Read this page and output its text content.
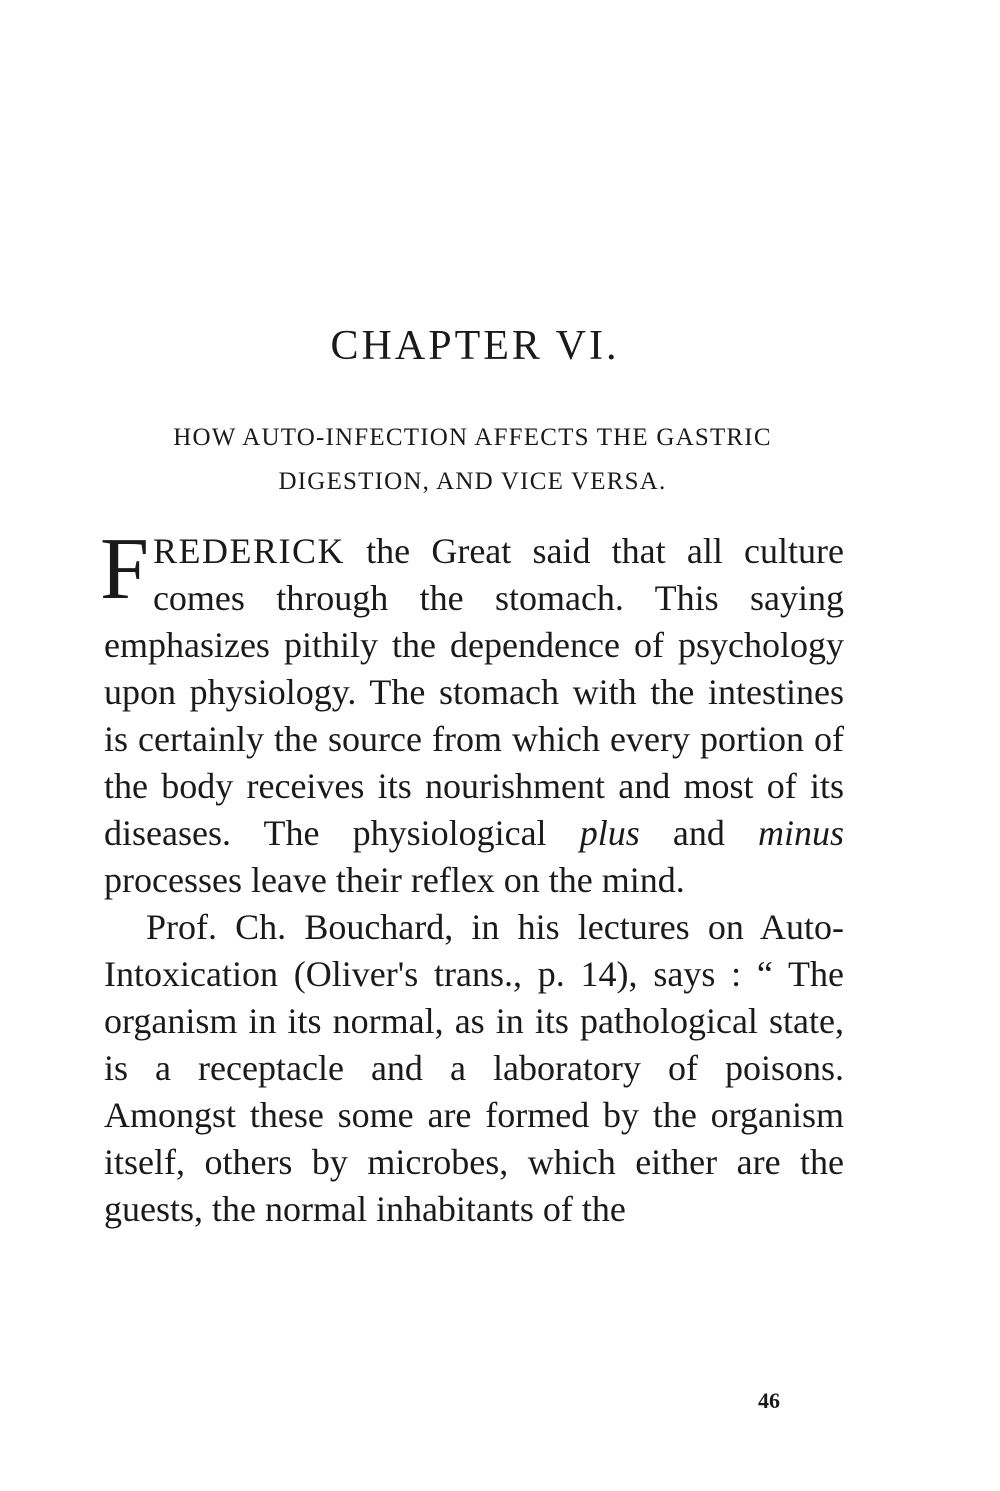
CHAPTER VI.
HOW AUTO-INFECTION AFFECTS THE GASTRIC
DIGESTION, AND VICE VERSA.

FREDERICK the Great said that all culture comes through the stomach. This saying emphasizes pithily the dependence of psychology upon physiology. The stomach with the intestines is certainly the source from which every portion of the body receives its nourishment and most of its diseases. The physiological plus and minus processes leave their reflex on the mind.

Prof. Ch. Bouchard, in his lectures on Auto-Intoxication (Oliver's trans., p. 14), says : “ The organism in its normal, as in its pathological state, is a receptacle and a laboratory of poisons. Amongst these some are formed by the organism itself, others by microbes, which either are the guests, the normal inhabitants of the

46
